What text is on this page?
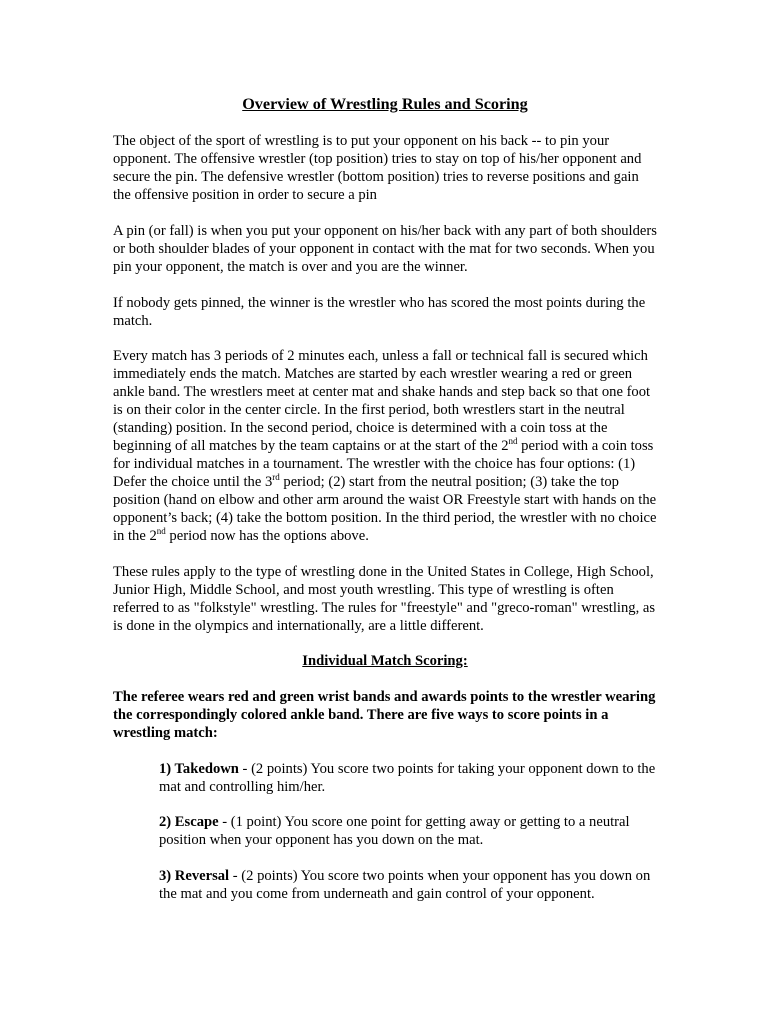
Overview of Wrestling Rules and Scoring

The object of the sport of wrestling is to put your opponent on his back -- to pin your opponent. The offensive wrestler (top position) tries to stay on top of his/her opponent and secure the pin. The defensive wrestler (bottom position) tries to reverse positions and gain the offensive position in order to secure a pin

A pin (or fall) is when you put your opponent on his/her back with any part of both shoulders or both shoulder blades of your opponent in contact with the mat for two seconds. When you pin your opponent, the match is over and you are the winner.

If nobody gets pinned, the winner is the wrestler who has scored the most points during the match.

Every match has 3 periods of 2 minutes each, unless a fall or technical fall is secured which immediately ends the match. Matches are started by each wrestler wearing a red or green ankle band. The wrestlers meet at center mat and shake hands and step back so that one foot is on their color in the center circle. In the first period, both wrestlers start in the neutral (standing) position. In the second period, choice is determined with a coin toss at the beginning of all matches by the team captains or at the start of the 2nd period with a coin toss for individual matches in a tournament. The wrestler with the choice has four options: (1) Defer the choice until the 3rd period; (2) start from the neutral position; (3) take the top position (hand on elbow and other arm around the waist OR Freestyle start with hands on the opponent’s back; (4) take the bottom position. In the third period, the wrestler with no choice in the 2nd period now has the options above.

These rules apply to the type of wrestling done in the United States in College, High School, Junior High, Middle School, and most youth wrestling. This type of wrestling is often referred to as "folkstyle" wrestling. The rules for "freestyle" and "greco-roman" wrestling, as is done in the olympics and internationally, are a little different.

Individual Match Scoring:

The referee wears red and green wrist bands and awards points to the wrestler wearing the correspondingly colored ankle band. There are five ways to score points in a wrestling match:

1) Takedown - (2 points) You score two points for taking your opponent down to the mat and controlling him/her.

2) Escape - (1 point) You score one point for getting away or getting to a neutral position when your opponent has you down on the mat.

3) Reversal - (2 points) You score two points when your opponent has you down on the mat and you come from underneath and gain control of your opponent.
